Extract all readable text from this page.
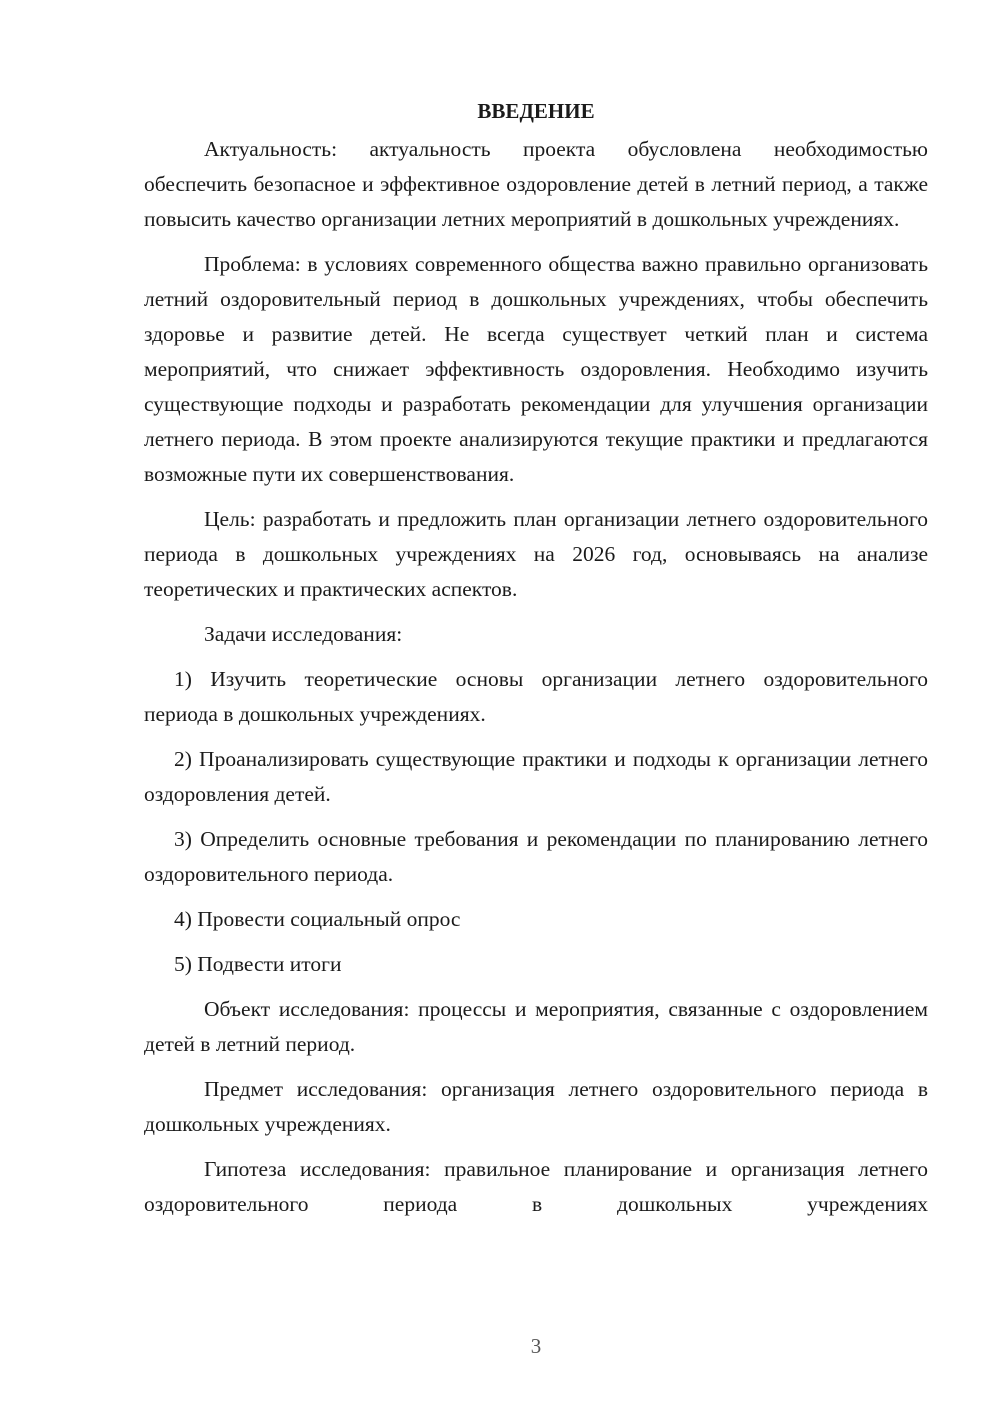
ВВЕДЕНИЕ

Актуальность: актуальность проекта обусловлена необходимостью обеспечить безопасное и эффективное оздоровление детей в летний период, а также повысить качество организации летних мероприятий в дошкольных учреждениях.

Проблема: в условиях современного общества важно правильно организовать летний оздоровительный период в дошкольных учреждениях, чтобы обеспечить здоровье и развитие детей. Не всегда существует четкий план и система мероприятий, что снижает эффективность оздоровления. Необходимо изучить существующие подходы и разработать рекомендации для улучшения организации летнего периода. В этом проекте анализируются текущие практики и предлагаются возможные пути их совершенствования.

Цель: разработать и предложить план организации летнего оздоровительного периода в дошкольных учреждениях на 2026 год, основываясь на анализе теоретических и практических аспектов.

Задачи исследования:

1) Изучить теоретические основы организации летнего оздоровительного периода в дошкольных учреждениях.

2) Проанализировать существующие практики и подходы к организации летнего оздоровления детей.

3) Определить основные требования и рекомендации по планированию летнего оздоровительного периода.

4) Провести социальный опрос

5) Подвести итоги

Объект исследования: процессы и мероприятия, связанные с оздоровлением детей в летний период.

Предмет исследования: организация летнего оздоровительного периода в дошкольных учреждениях.

Гипотеза исследования: правильное планирование и организация летнего оздоровительного периода в дошкольных учреждениях

3
